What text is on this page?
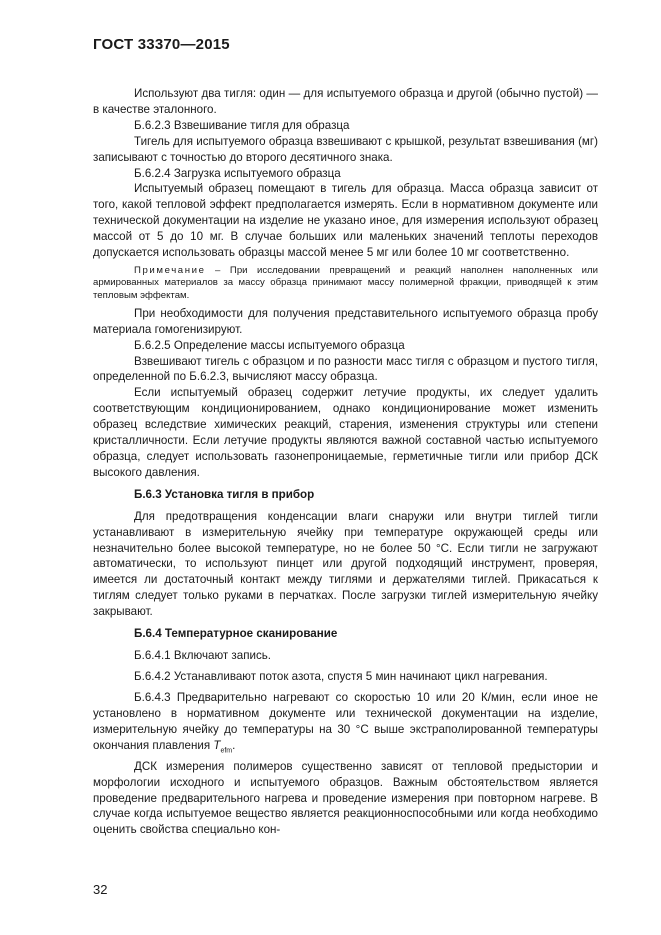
ГОСТ 33370—2015

Используют два тигля: один — для испытуемого образца и другой (обычно пустой) — в качестве эталонного.

Б.6.2.3 Взвешивание тигля для образца

Тигель для испытуемого образца взвешивают с крышкой, результат взвешивания (мг) записывают с точностью до второго десятичного знака.

Б.6.2.4 Загрузка испытуемого образца

Испытуемый образец помещают в тигель для образца. Масса образца зависит от того, какой тепловой эффект предполагается измерять. Если в нормативном документе или технической документации на изделие не указано иное, для измерения используют образец массой от 5 до 10 мг. В случае больших или маленьких значений теплоты переходов допускается использовать образцы массой менее 5 мг или более 10 мг соответственно.

Примечание – При исследовании превращений и реакций наполнен наполненных или армированных материалов за массу образца принимают массу полимерной фракции, приводящей к этим тепловым эффектам.

При необходимости для получения представительного испытуемого образца пробу материала гомогенизируют.

Б.6.2.5 Определение массы испытуемого образца

Взвешивают тигель с образцом и по разности масс тигля с образцом и пустого тигля, определенной по Б.6.2.3, вычисляют массу образца.

Если испытуемый образец содержит летучие продукты, их следует удалить соответствующим кондиционированием, однако кондиционирование может изменить образец вследствие химических реакций, старения, изменения структуры или степени кристалличности. Если летучие продукты являются важной составной частью испытуемого образца, следует использовать газонепроницаемые, герметичные тигли или прибор ДСК высокого давления.

Б.6.3 Установка тигля в прибор

Для предотвращения конденсации влаги снаружи или внутри тиглей тигли устанавливают в измерительную ячейку при температуре окружающей среды или незначительно более высокой температуре, но не более 50 °С. Если тигли не загружают автоматически, то используют пинцет или другой подходящий инструмент, проверяя, имеется ли достаточный контакт между тиглями и держателями тиглей. Прикасаться к тиглям следует только руками в перчатках. После загрузки тиглей измерительную ячейку закрывают.

Б.6.4 Температурное сканирование

Б.6.4.1 Включают запись.

Б.6.4.2 Устанавливают поток азота, спустя 5 мин начинают цикл нагревания.

Б.6.4.3 Предварительно нагревают со скоростью 10 или 20 К/мин, если иное не установлено в нормативном документе или технической документации на изделие, измерительную ячейку до температуры на 30 °С выше экстраполированной температуры окончания плавления $T_{efm}$.

ДСК измерения полимеров существенно зависят от тепловой предыстории и морфологии исходного и испытуемого образцов. Важным обстоятельством является проведение предварительного нагрева и проведение измерения при повторном нагреве. В случае когда испытуемое вещество является реакционноспособными или когда необходимо оценить свойства специально кон-

32
